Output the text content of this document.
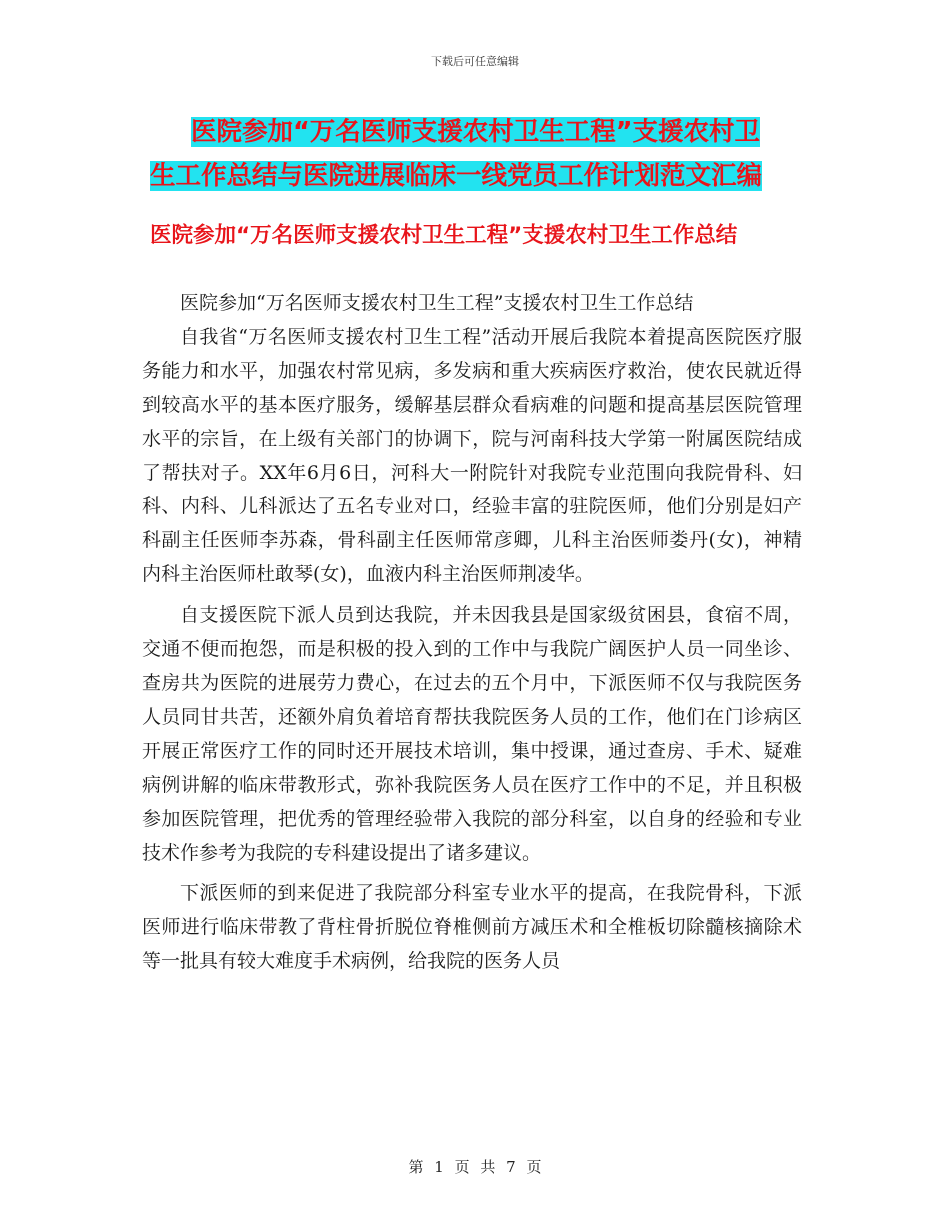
下载后可任意编辑
医院参加“万名医师支援农村卫生工程”支援农村卫
生工作总结与医院进展临床一线党员工作计划范文汇编
医院参加“万名医师支援农村卫生工程”支援农村卫生工作总结

医院参加“万名医师支援农村卫生工程”支援农村卫生工作总结

自我省“万名医师支援农村卫生工程”活动开展后我院本着提高医院医疗服务能力和水平，加强农村常见病，多发病和重大疾病医疗救治，使农民就近得到较高水平的基本医疗服务，缓解基层群众看病难的问题和提高基层医院管理水平的宗旨，在上级有关部门的协调下，院与河南科技大学第一附属医院结成了帮扶对子。XX年6月6日，河科大一附院针对我院专业范围向我院骨科、妇科、内科、儿科派达了五名专业对口，经验丰富的驻院医师，他们分别是妇产科副主任医师李苏森，骨科副主任医师常彦卿，儿科主治医师娄丹(女)，神精内科主治医师杜敢琴(女)，血液内科主治医师荆凌华。

自支援医院下派人员到达我院，并未因我县是国家级贫困县，食宿不周，交通不便而抱怨，而是积极的投入到的工作中与我院广阔医护人员一同坐诊、查房共为医院的进展劳力费心，在过去的五个月中，下派医师不仅与我院医务人员同甘共苦，还额外肩负着培育帮扶我院医务人员的工作，他们在门诊病区开展正常医疗工作的同时还开展技术培训，集中授课，通过查房、手术、疑难病例讲解的临床带教形式，弥补我院医务人员在医疗工作中的不足，并且积极参加医院管理，把优秀的管理经验带入我院的部分科室，以自身的经验和专业技术作参考为我院的专科建设提出了诸多建议。

下派医师的到来促进了我院部分科室专业水平的提高，在我院骨科，下派医师进行临床带教了背柱骨折脱位脊椎侧前方减压术和全椎板切除髓核摘除术等一批具有较大难度手术病例，给我院的医务人员

第 1 页 共 7 页
